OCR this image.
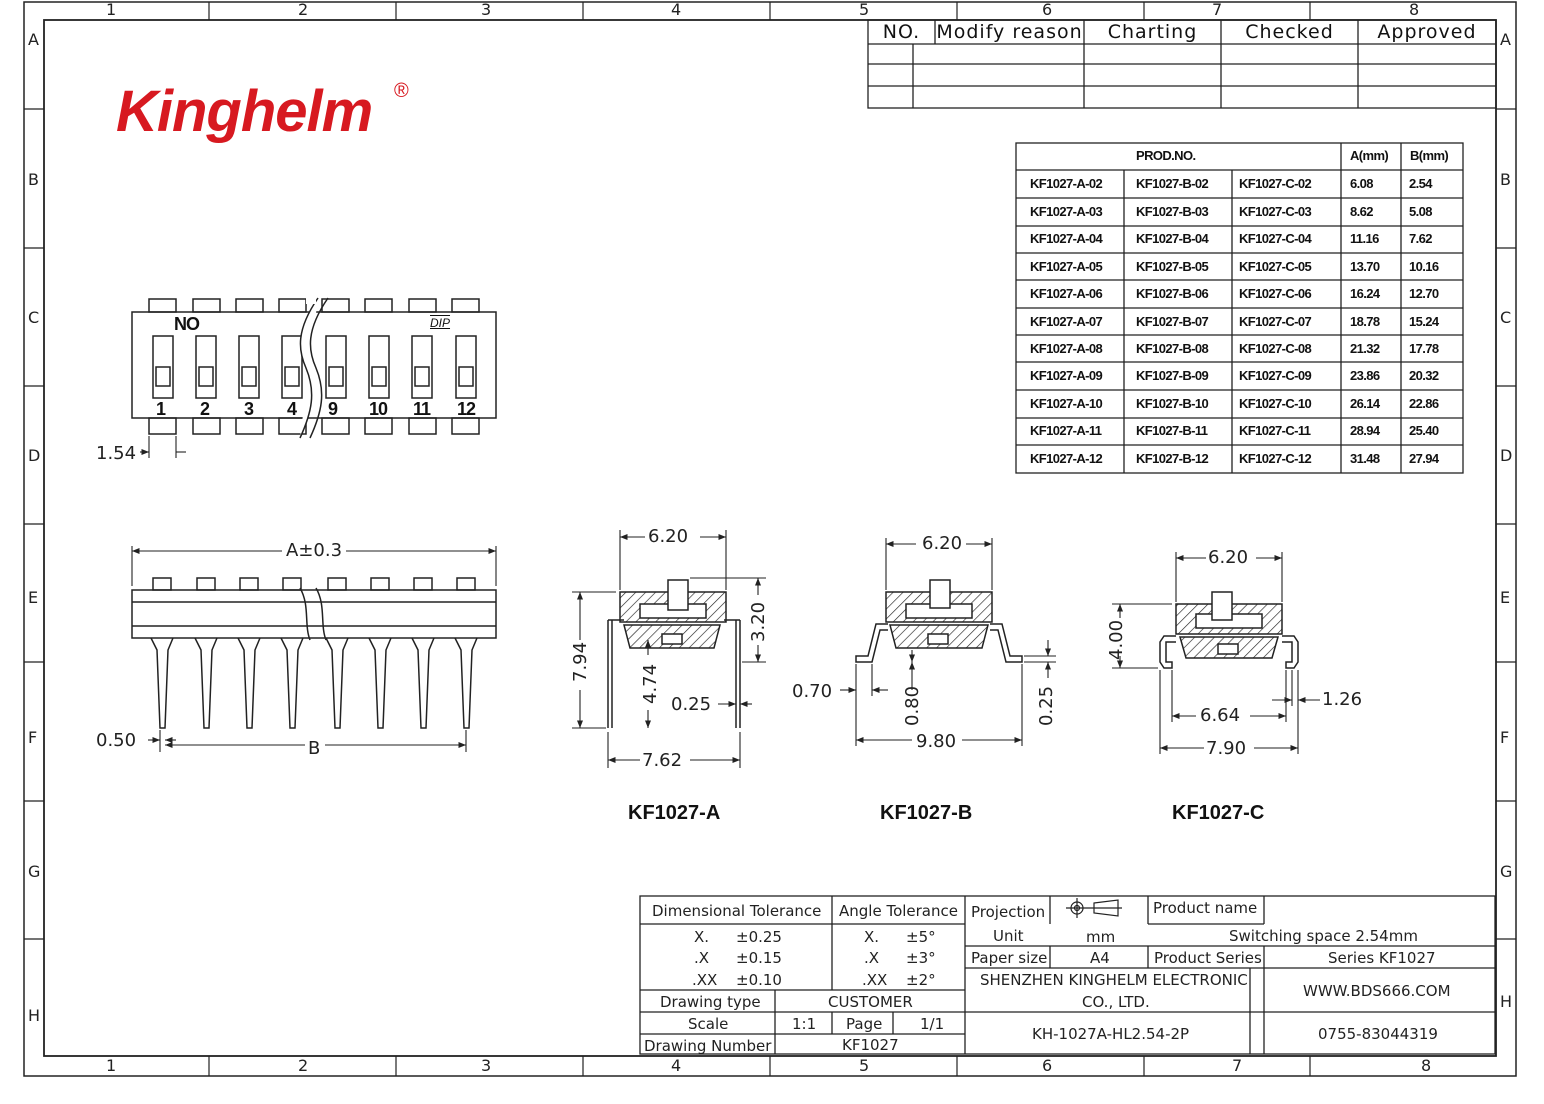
1	2	3	4	5	6	7	8
1	2	3	4	5	6	7	8
A
B
C
D
E
F
G
H
A
B
C
D
E
F
G
H
Kinghelm ®
NO. Modify reason	Charting	Checked	Approved
PROD.NO.	A(mm) B(mm)
KF1027-A-02	KF1027-B-02 KF1027-C-02	6.08	2.54
KF1027-A-03	KF1027-B-03 KF1027-C-03	8.62	5.08
KF1027-A-04	KF1027-B-04 KF1027-C-04	11.16 7.62
KF1027-A-05	KF1027-B-05 KF1027-C-05	13.70 10.16
KF1027-A-06	KF1027-B-06 KF1027-C-06	16.24 12.70
KF1027-A-07	KF1027-B-07 KF1027-C-07	18.78 15.24
KF1027-A-08	KF1027-B-08 KF1027-C-08	21.32 17.78
KF1027-A-09	KF1027-B-09 KF1027-C-09	23.86 20.32
KF1027-A-10	KF1027-B-10 KF1027-C-10	26.14 22.86
KF1027-A-11	KF1027-B-11 KF1027-C-11	28.94 25.40
KF1027-A-12	KF1027-B-12 KF1027-C-12	31.48 27.94
NO	DIP
1 2 3 4 9 10 11 12
1.54
A±0.3
0.50	B
6.20
3.20
7.94
4.74
0.25
7.62
KF1027-A
6.20
0.70	0.80	0.25
9.80
KF1027-B
6.20
4.00
6.64
1.26
7.90
KF1027-C
Dimensional Tolerance
X. ±0.25
.X ±0.15
.XX ±0.10
Angle Tolerance
X. ±5°
.X ±3°
.XX ±2°
Projection	Product name
Switching space 2.54mm
Unit	mm
Paper size	A4	Product Series	Series KF1027
SHENZHEN KINGHELM ELECTRONIC
CO., LTD.
WWW.BDS666.COM
Drawing type	CUSTOMER
Scale	1:1 Page	1/1
Drawing Number	KF1027
KH-1027A-HL2.54-2P	0755-83044319
